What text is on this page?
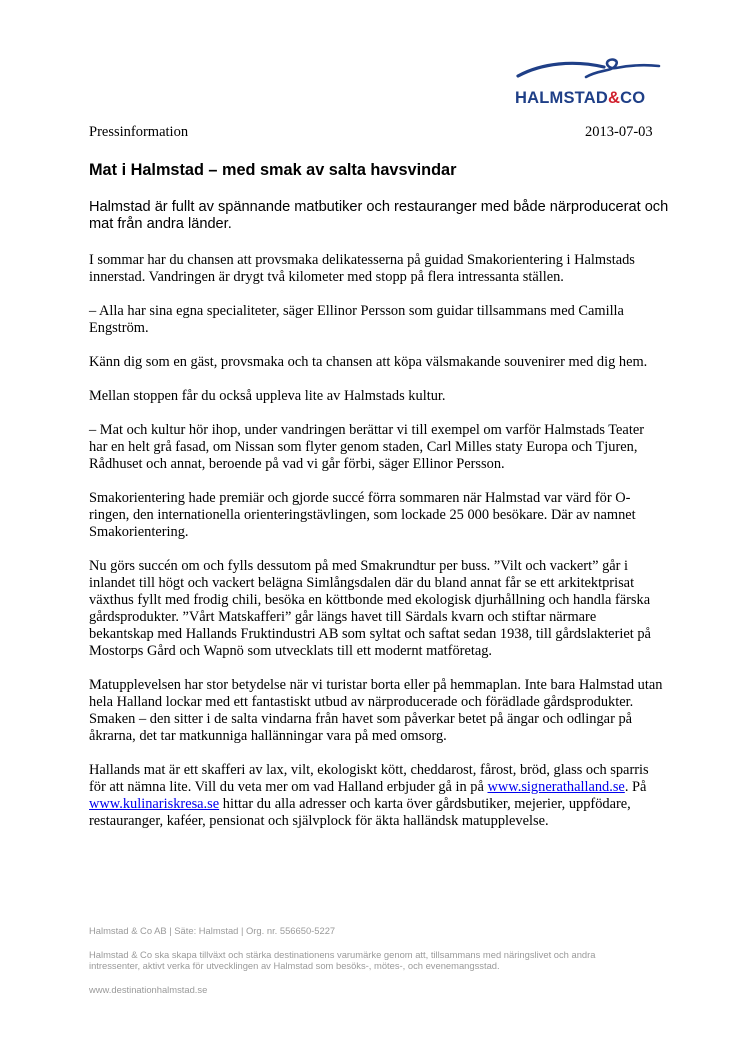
HALMSTAD&CO
Pressinformation	2013-07-03
Mat i Halmstad – med smak av salta havsvindar
Halmstad är fullt av spännande matbutiker och restauranger med både närproducerat och mat från andra länder.

I sommar har du chansen att provsmaka delikatesserna på guidad Smakorientering i Halmstads innerstad. Vandringen är drygt två kilometer med stopp på flera intressanta ställen.

– Alla har sina egna specialiteter, säger Ellinor Persson som guidar tillsammans med Camilla Engström.

Känn dig som en gäst, provsmaka och ta chansen att köpa välsmakande souvenirer med dig hem.

Mellan stoppen får du också uppleva lite av Halmstads kultur.

– Mat och kultur hör ihop, under vandringen berättar vi till exempel om varför Halmstads Teater har en helt grå fasad, om Nissan som flyter genom staden, Carl Milles staty Europa och Tjuren, Rådhuset och annat, beroende på vad vi går förbi, säger Ellinor Persson.

Smakorientering hade premiär och gjorde succé förra sommaren när Halmstad var värd för O-ringen, den internationella orienteringstävlingen, som lockade 25 000 besökare. Där av namnet Smakorientering.

Nu görs succén om och fylls dessutom på med Smakrundtur per buss. ”Vilt och vackert” går i inlandet till högt och vackert belägna Simlångsdalen där du bland annat får se ett arkitektprisat växthus fyllt med frodig chili, besöka en köttbonde med ekologisk djurhållning och handla färska gårdsprodukter. ”Vårt Matskafferi” går längs havet till Särdals kvarn och stiftar närmare bekantskap med Hallands Fruktindustri AB som syltat och saftat sedan 1938, till gårdslakteriet på Mostorps Gård och Wapnö som utvecklats till ett modernt matföretag.

Matupplevelsen har stor betydelse när vi turistar borta eller på hemmaplan. Inte bara Halmstad utan hela Halland lockar med ett fantastiskt utbud av närproducerade och förädlade gårdsprodukter. Smaken – den sitter i de salta vindarna från havet som påverkar betet på ängar och odlingar på åkrarna, det tar matkunniga hallänningar vara på med omsorg.

Hallands mat är ett skafferi av lax, vilt, ekologiskt kött, cheddarost, fårost, bröd, glass och sparris för att nämna lite. Vill du veta mer om vad Halland erbjuder gå in på www.signerathalland.se. På www.kulinariskresa.se hittar du alla adresser och karta över gårdsbutiker, mejerier, uppfödare, restauranger, kaféer, pensionat och självplock för äkta halländsk matupplevelse.

Halmstad & Co AB | Säte: Halmstad | Org. nr. 556650-5227

Halmstad & Co ska skapa tillväxt och stärka destinationens varumärke genom att, tillsammans med näringslivet och andra intressenter, aktivt verka för utvecklingen av Halmstad som besöks-, mötes-, och evenemangsstad.

www.destinationhalmstad.se
